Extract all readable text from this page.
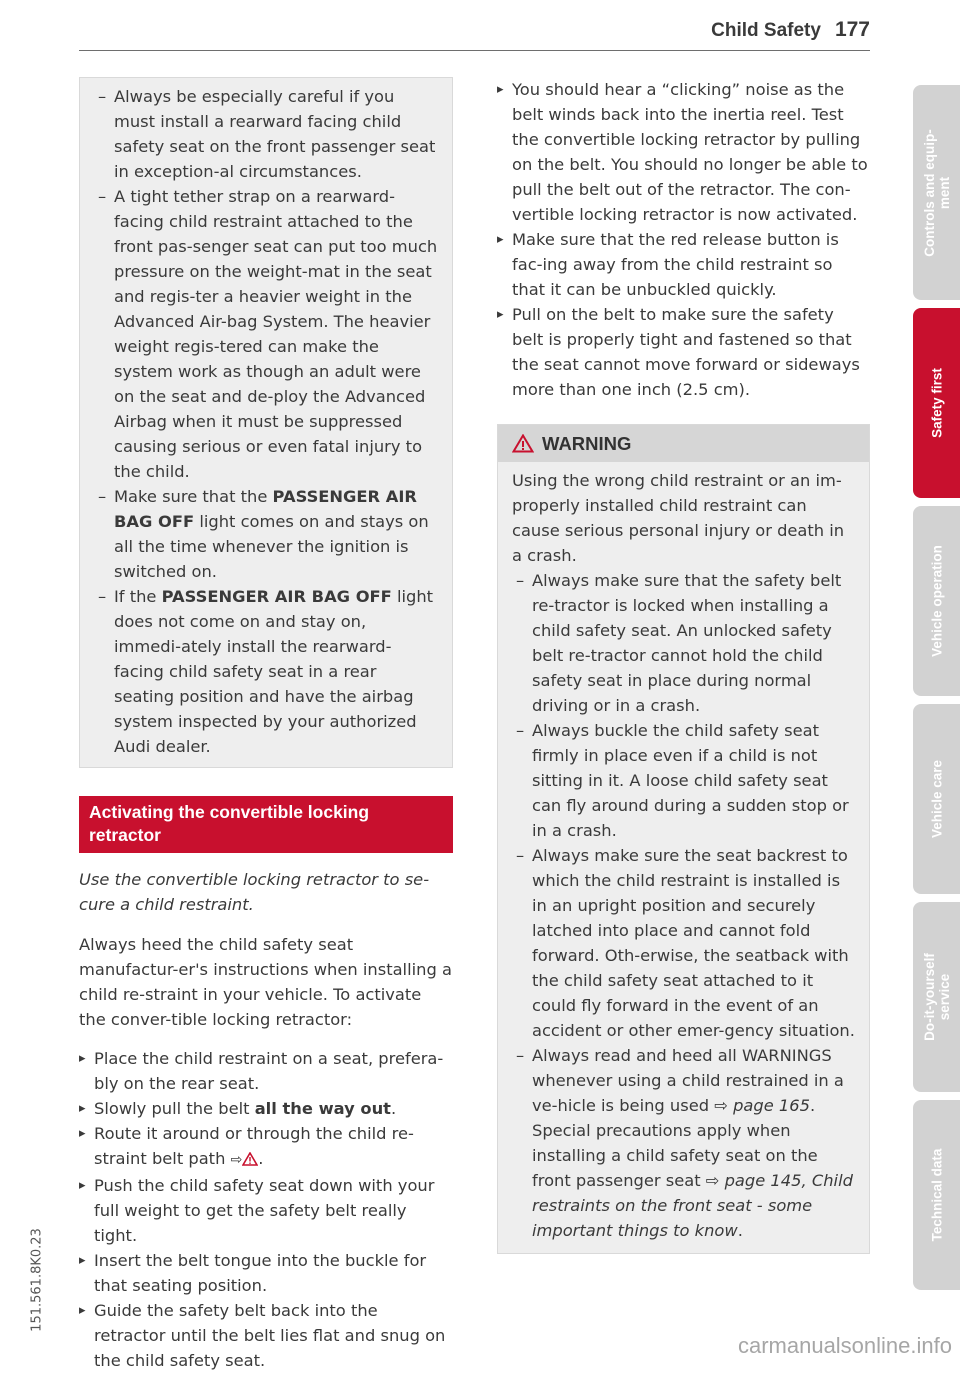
Child Safety 177
– Always be especially careful if you must install a rearward facing child safety seat on the front passenger seat in exception-al circumstances.
– A tight tether strap on a rearward-facing child restraint attached to the front pas-senger seat can put too much pressure on the weight-mat in the seat and regis-ter a heavier weight in the Advanced Air-bag System. The heavier weight regis-tered can make the system work as though an adult were on the seat and de-ploy the Advanced Airbag when it must be suppressed causing serious or even fatal injury to the child.
– Make sure that the PASSENGER AIR BAG OFF light comes on and stays on all the time whenever the ignition is switched on.
– If the PASSENGER AIR BAG OFF light does not come on and stay on, immedi-ately install the rearward-facing child safety seat in a rear seating position and have the airbag system inspected by your authorized Audi dealer.
Activating the convertible locking retractor

Use the convertible locking retractor to se-cure a child restraint.

Always heed the child safety seat manufactur-er's instructions when installing a child re-straint in your vehicle. To activate the conver-tible locking retractor:

▸ Place the child restraint on a seat, prefera-bly on the rear seat.
▸ Slowly pull the belt all the way out.
▸ Route it around or through the child re-straint belt path ⇨ .
▸ Push the child safety seat down with your full weight to get the safety belt really tight.
▸ Insert the belt tongue into the buckle for that seating position.
▸ Guide the safety belt back into the retractor until the belt lies flat and snug on the child safety seat.
▸ You should hear a “clicking” noise as the belt winds back into the inertia reel. Test the convertible locking retractor by pulling on the belt. You should no longer be able to pull the belt out of the retractor. The con-vertible locking retractor is now activated.
▸ Make sure that the red release button is fac-ing away from the child restraint so that it can be unbuckled quickly.
▸ Pull on the belt to make sure the safety belt is properly tight and fastened so that the seat cannot move forward or sideways more than one inch (2.5 cm).
WARNING
Using the wrong child restraint or an im-properly installed child restraint can cause serious personal injury or death in a crash.
– Always make sure that the safety belt re-tractor is locked when installing a child safety seat. An unlocked safety belt re-tractor cannot hold the child safety seat in place during normal driving or in a crash.
– Always buckle the child safety seat firmly in place even if a child is not sitting in it. A loose child safety seat can fly around during a sudden stop or in a crash.
– Always make sure the seat backrest to which the child restraint is installed is in an upright position and securely latched into place and cannot fold forward. Oth-erwise, the seatback with the child safety seat attached to it could fly forward in the event of an accident or other emer-gency situation.
– Always read and heed all WARNINGS whenever using a child restrained in a ve-hicle is being used ⇨ page 165. Special precautions apply when installing a child safety seat on the front passenger seat ⇨ page 145, Child restraints on the front seat - some important things to know.
Controls and equip-
ment
Safety first
Vehicle operation
Vehicle care
Do-it-yourself
service
Technical data
151.561.8K0.23
carmanualsonline.info
